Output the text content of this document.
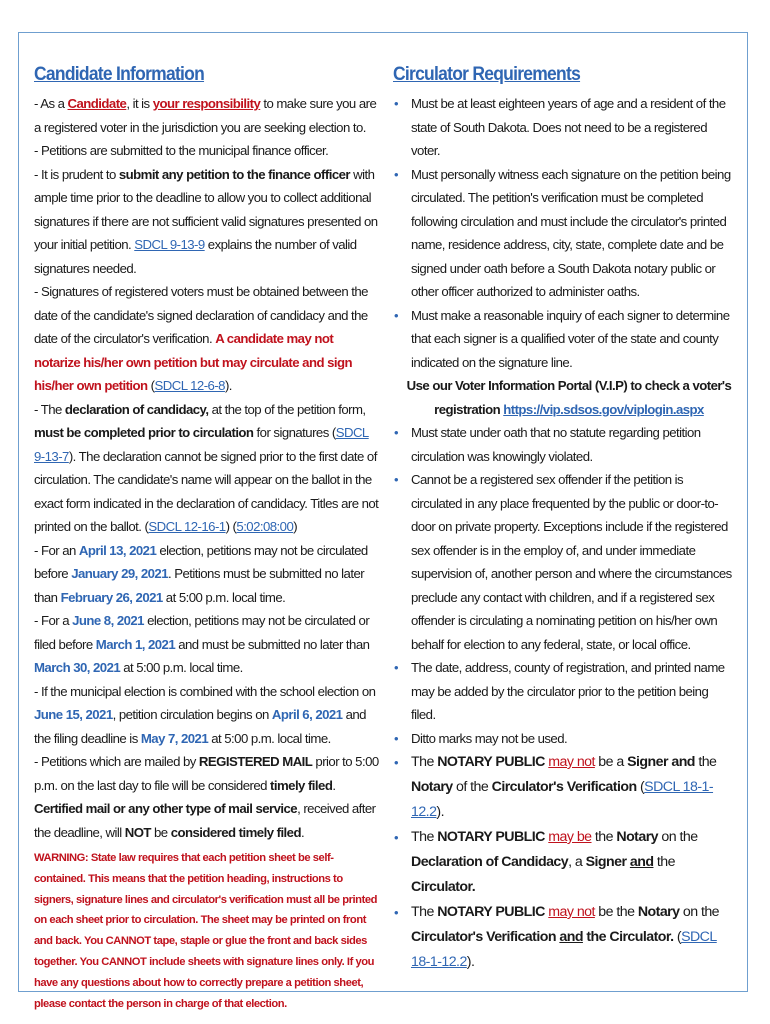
Candidate Information

- As a Candidate, it is your responsibility to make sure you are a registered voter in the jurisdiction you are seeking election to.

- Petitions are submitted to the municipal finance officer.

- It is prudent to submit any petition to the finance officer with ample time prior to the deadline to allow you to collect additional signatures if there are not sufficient valid signatures presented on your initial petition. SDCL 9-13-9 explains the number of valid signatures needed.

- Signatures of registered voters must be obtained between the date of the candidate's signed declaration of candidacy and the date of the circulator's verification. A candidate may not notarize his/her own petition but may circulate and sign his/her own petition (SDCL 12-6-8).

- The declaration of candidacy, at the top of the petition form, must be completed prior to circulation for signatures (SDCL 9-13-7). The declaration cannot be signed prior to the first date of circulation. The candidate's name will appear on the ballot in the exact form indicated in the declaration of candidacy. Titles are not printed on the ballot. (SDCL 12-16-1) (5:02:08:00)

- For an April 13, 2021 election, petitions may not be circulated before January 29, 2021. Petitions must be submitted no later than February 26, 2021 at 5:00 p.m. local time.

- For a June 8, 2021 election, petitions may not be circulated or filed before March 1, 2021 and must be submitted no later than March 30, 2021 at 5:00 p.m. local time.

- If the municipal election is combined with the school election on June 15, 2021, petition circulation begins on April 6, 2021 and the filing deadline is May 7, 2021 at 5:00 p.m. local time.

- Petitions which are mailed by REGISTERED MAIL prior to 5:00 p.m. on the last day to file will be considered timely filed. Certified mail or any other type of mail service, received after the deadline, will NOT be considered timely filed.

WARNING: State law requires that each petition sheet be self-contained. This means that the petition heading, instructions to signers, signature lines and circulator's verification must all be printed on each sheet prior to circulation. The sheet may be printed on front and back. You CANNOT tape, staple or glue the front and back sides together. You CANNOT include sheets with signature lines only. If you have any questions about how to correctly prepare a petition sheet, please contact the person in charge of that election.

Circulator Requirements
• Must be at least eighteen years of age and a resident of the state of South Dakota. Does not need to be a registered voter.
• Must personally witness each signature on the petition being circulated. The petition's verification must be completed following circulation and must include the circulator's printed name, residence address, city, state, complete date and be signed under oath before a South Dakota notary public or other officer authorized to administer oaths.
• Must make a reasonable inquiry of each signer to determine that each signer is a qualified voter of the state and county indicated on the signature line.

Use our Voter Information Portal (V.I.P) to check a voter's registration https://vip.sdsos.gov/viplogin.aspx

• Must state under oath that no statute regarding petition circulation was knowingly violated.
• Cannot be a registered sex offender if the petition is circulated in any place frequented by the public or door-to-door on private property. Exceptions include if the registered sex offender is in the employ of, and under immediate supervision of, another person and where the circumstances preclude any contact with children, and if a registered sex offender is circulating a nominating petition on his/her own behalf for election to any federal, state, or local office.
• The date, address, county of registration, and printed name may be added by the circulator prior to the petition being filed.
• Ditto marks may not be used.
• The NOTARY PUBLIC may not be a Signer and the Notary of the Circulator's Verification (SDCL 18-1-12.2).
• The NOTARY PUBLIC may be the Notary on the Declaration of Candidacy, a Signer and the Circulator.
• The NOTARY PUBLIC may not be the Notary on the Circulator's Verification and the Circulator. (SDCL 18-1-12.2).
